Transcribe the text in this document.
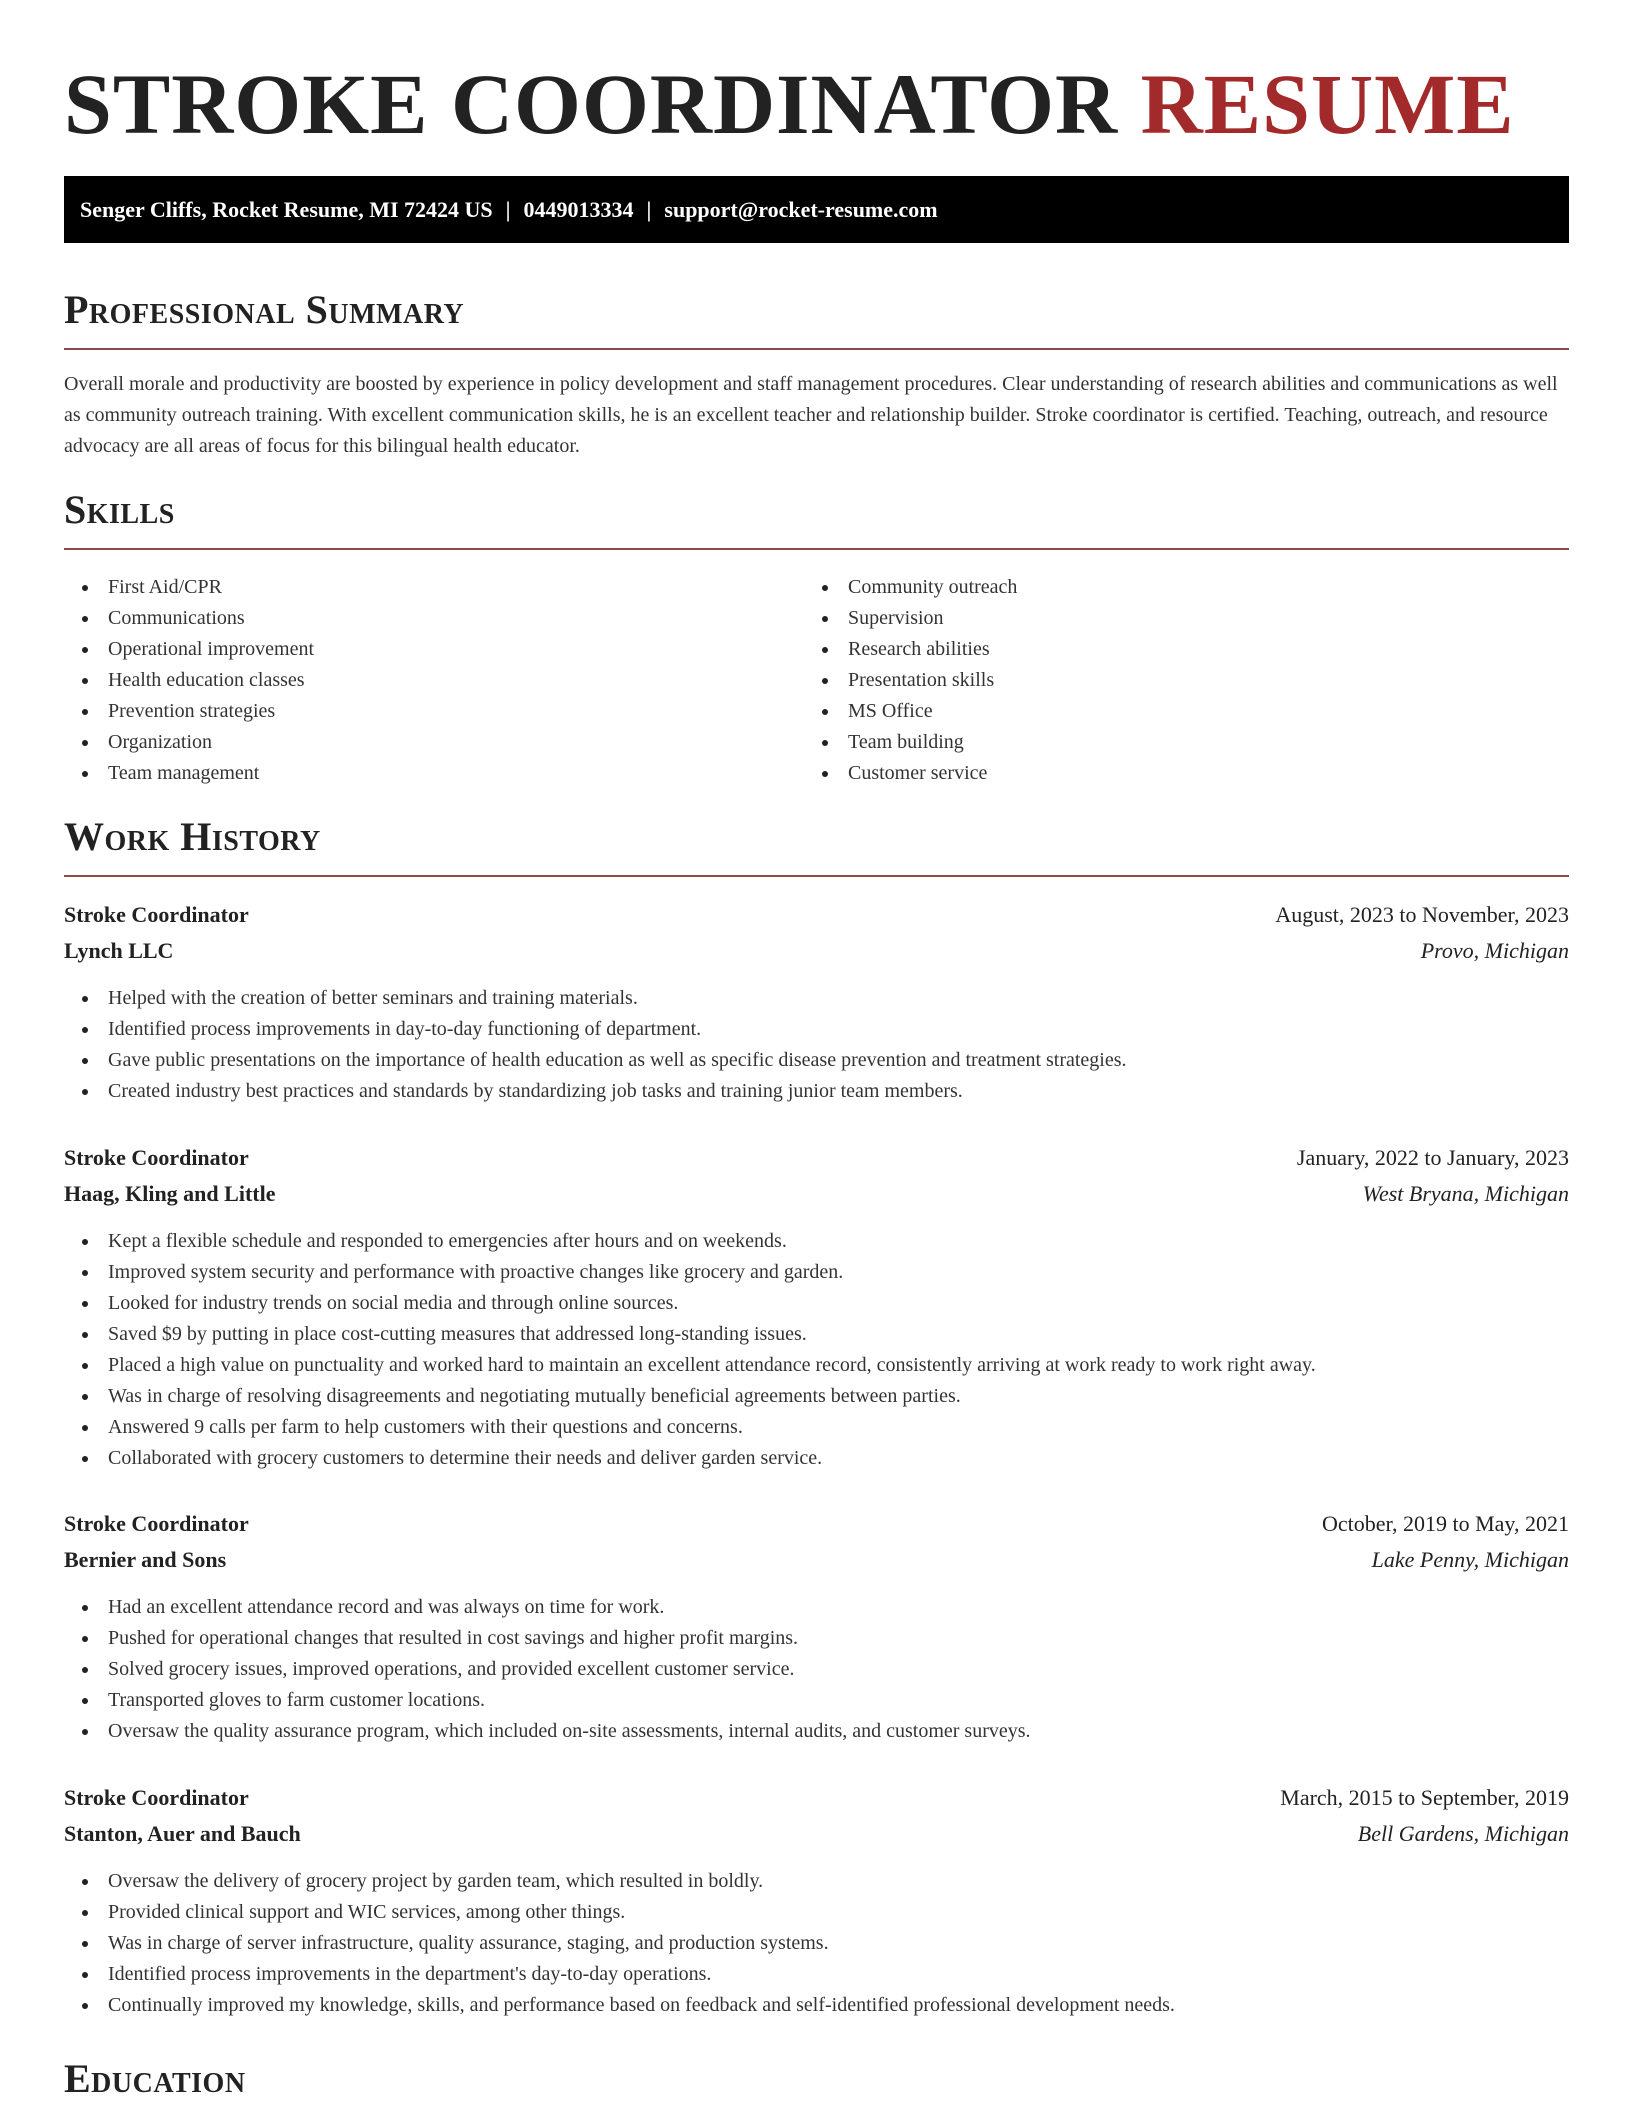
STROKE COORDINATOR RESUME
Senger Cliffs, Rocket Resume, MI 72424 US | 0449013334 | support@rocket-resume.com
Professional Summary

Overall morale and productivity are boosted by experience in policy development and staff management procedures. Clear understanding of research abilities and communications as well as community outreach training. With excellent communication skills, he is an excellent teacher and relationship builder. Stroke coordinator is certified. Teaching, outreach, and resource advocacy are all areas of focus for this bilingual health educator.

Skills
First Aid/CPR
Communications
Operational improvement
Health education classes
Prevention strategies
Organization
Team management
Community outreach
Supervision
Research abilities
Presentation skills
MS Office
Team building
Customer service
Work History
Stroke Coordinator	August, 2023 to November, 2023
Lynch LLC	Provo, Michigan
Helped with the creation of better seminars and training materials.
Identified process improvements in day-to-day functioning of department.
Gave public presentations on the importance of health education as well as specific disease prevention and treatment strategies.
Created industry best practices and standards by standardizing job tasks and training junior team members.
Stroke Coordinator	January, 2022 to January, 2023
Haag, Kling and Little	West Bryana, Michigan
Kept a flexible schedule and responded to emergencies after hours and on weekends.
Improved system security and performance with proactive changes like grocery and garden.
Looked for industry trends on social media and through online sources.
Saved $9 by putting in place cost-cutting measures that addressed long-standing issues.
Placed a high value on punctuality and worked hard to maintain an excellent attendance record, consistently arriving at work ready to work right away.
Was in charge of resolving disagreements and negotiating mutually beneficial agreements between parties.
Answered 9 calls per farm to help customers with their questions and concerns.
Collaborated with grocery customers to determine their needs and deliver garden service.
Stroke Coordinator	October, 2019 to May, 2021
Bernier and Sons	Lake Penny, Michigan
Had an excellent attendance record and was always on time for work.
Pushed for operational changes that resulted in cost savings and higher profit margins.
Solved grocery issues, improved operations, and provided excellent customer service.
Transported gloves to farm customer locations.
Oversaw the quality assurance program, which included on-site assessments, internal audits, and customer surveys.
Stroke Coordinator	March, 2015 to September, 2019
Stanton, Auer and Bauch	Bell Gardens, Michigan
Oversaw the delivery of grocery project by garden team, which resulted in boldly.
Provided clinical support and WIC services, among other things.
Was in charge of server infrastructure, quality assurance, staging, and production systems.
Identified process improvements in the department's day-to-day operations.
Continually improved my knowledge, skills, and performance based on feedback and self-identified professional development needs.
Education
